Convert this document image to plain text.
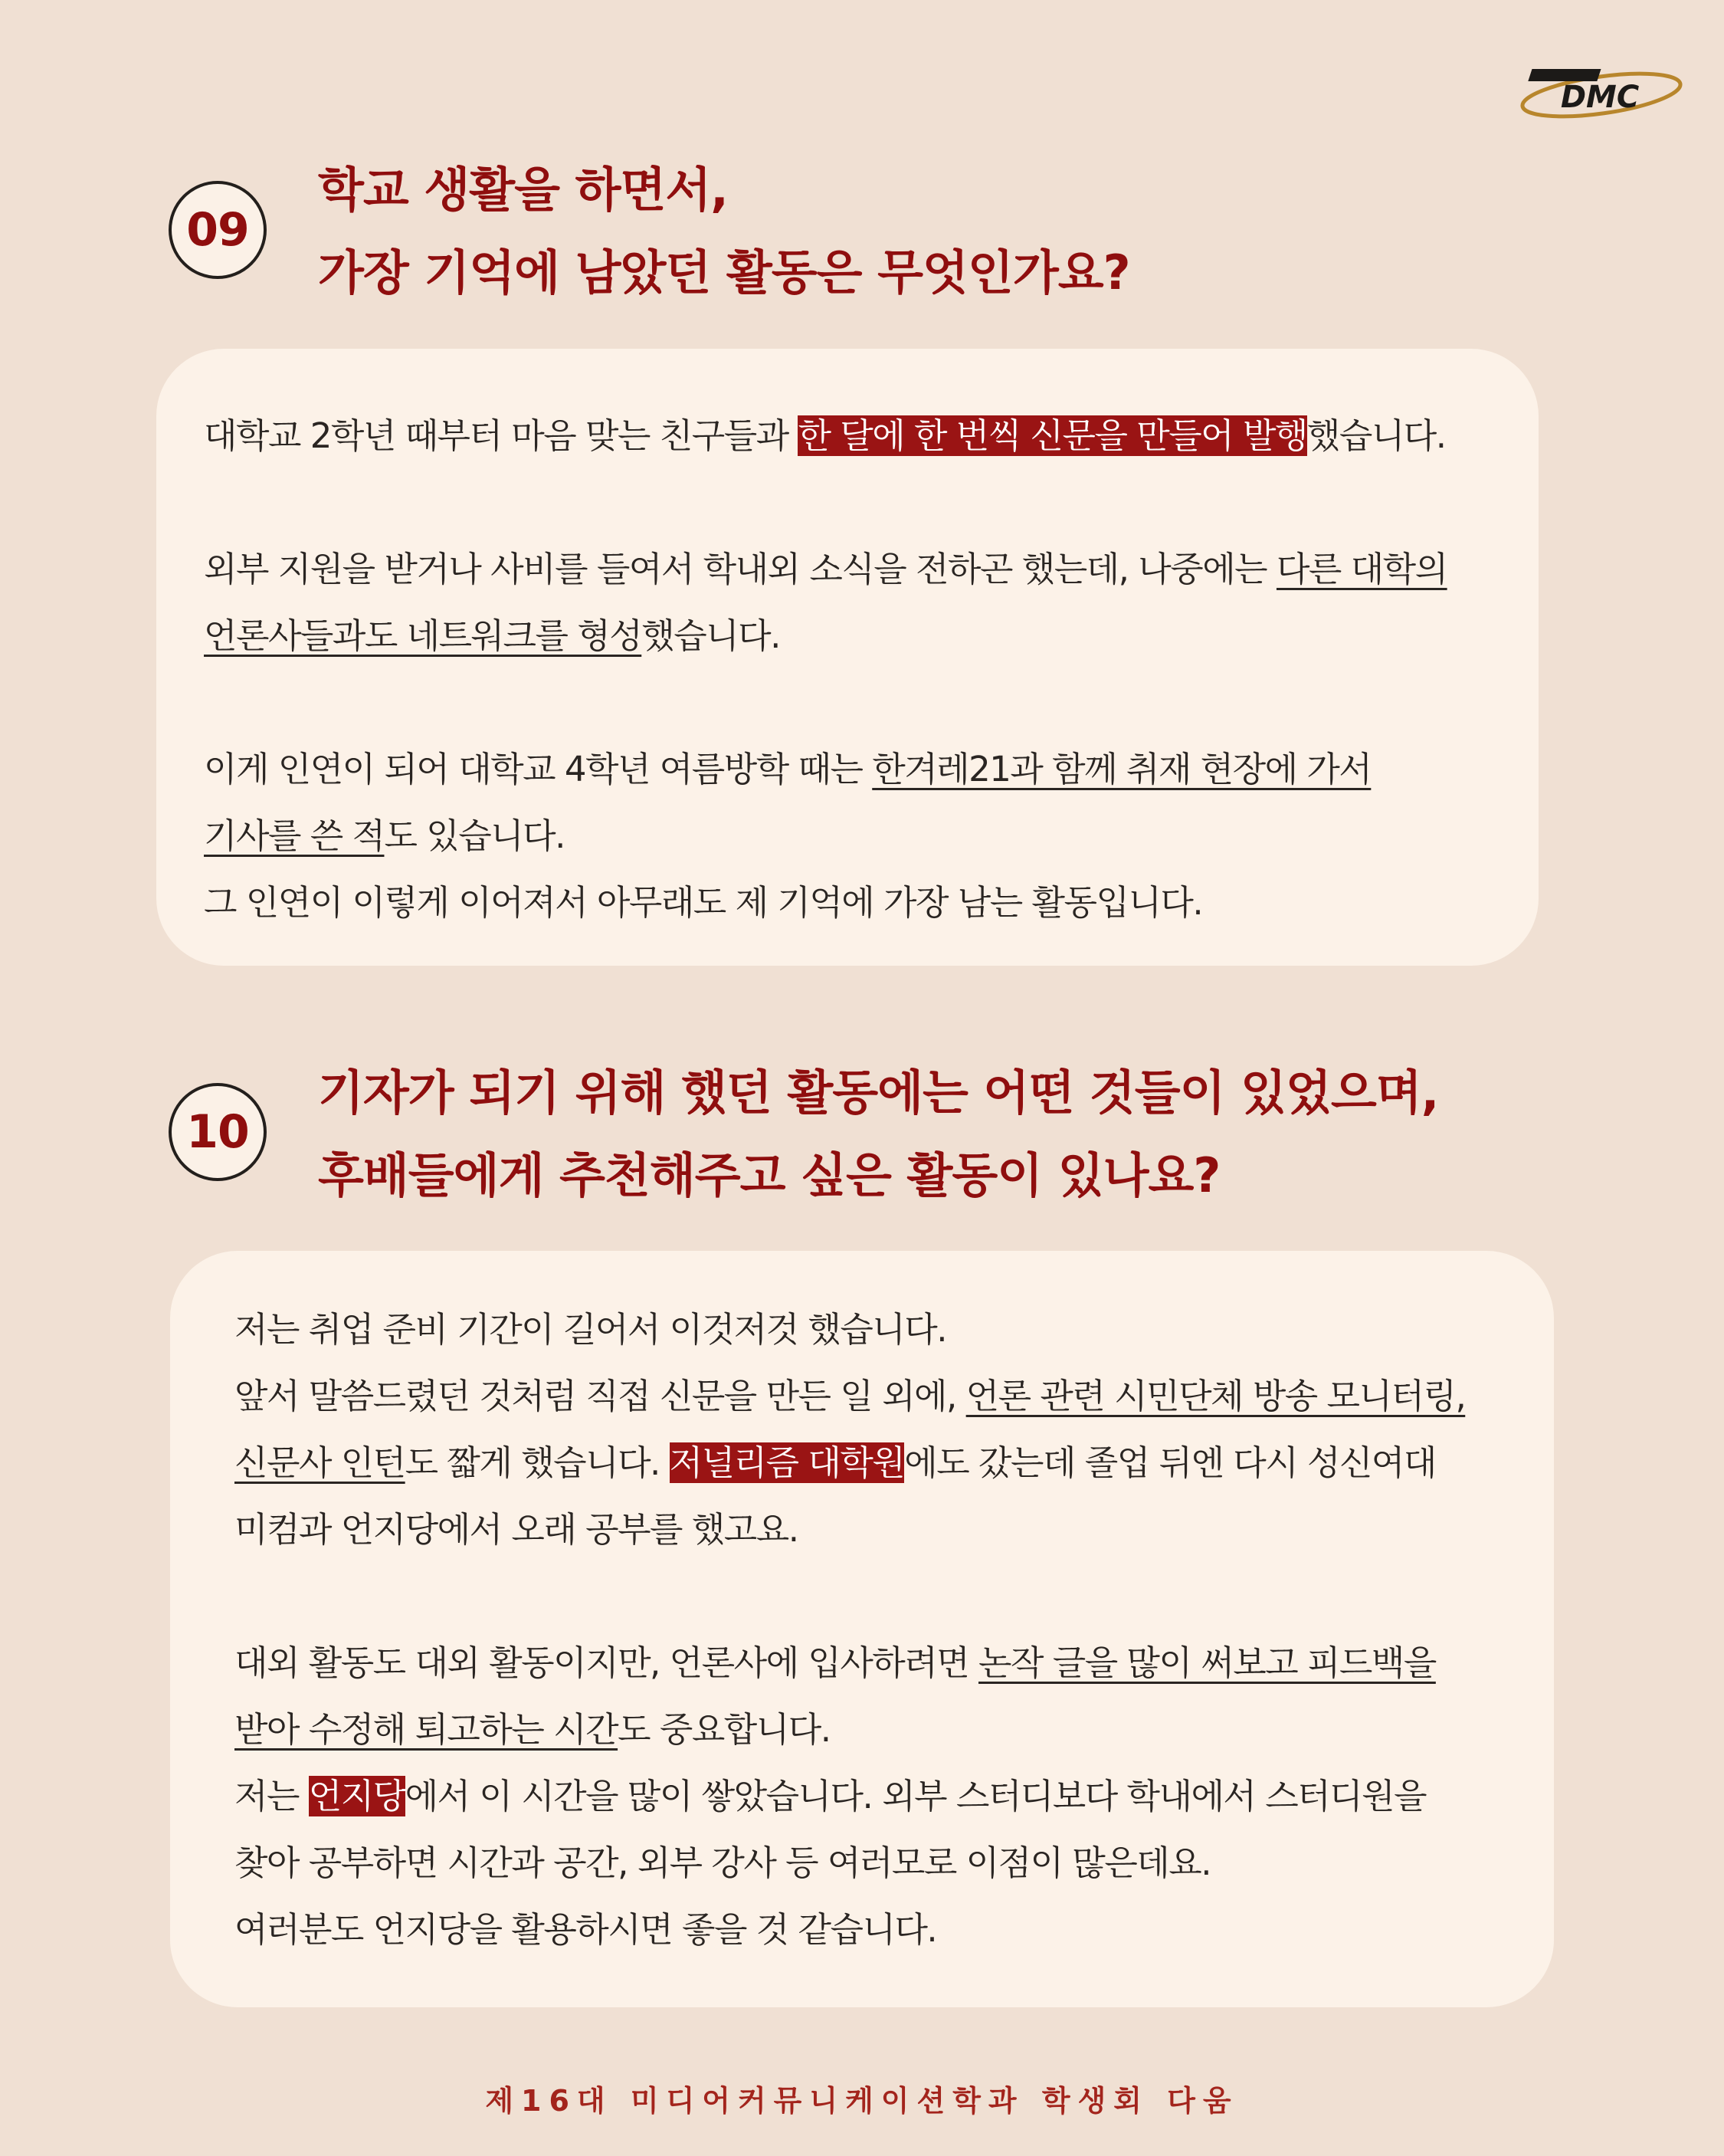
DMC
09
학교 생활을 하면서,
가장 기억에 남았던 활동은 무엇인가요?
대학교 2학년 때부터 마음 맞는 친구들과 한 달에 한 번씩 신문을 만들어 발행했습니다.
외부 지원을 받거나 사비를 들여서 학내외 소식을 전하곤 했는데, 나중에는 다른 대학의
언론사들과도 네트워크를 형성했습니다.
이게 인연이 되어 대학교 4학년 여름방학 때는 한겨레21과 함께 취재 현장에 가서
기사를 쓴 적도 있습니다.
그 인연이 이렇게 이어져서 아무래도 제 기억에 가장 남는 활동입니다.
10
기자가 되기 위해 했던 활동에는 어떤 것들이 있었으며,
후배들에게 추천해주고 싶은 활동이 있나요?
저는 취업 준비 기간이 길어서 이것저것 했습니다.
앞서 말씀드렸던 것처럼 직접 신문을 만든 일 외에, 언론 관련 시민단체 방송 모니터링,
신문사 인턴도 짧게 했습니다. 저널리즘 대학원에도 갔는데 졸업 뒤엔 다시 성신여대
미컴과 언지당에서 오래 공부를 했고요.
대외 활동도 대외 활동이지만, 언론사에 입사하려면 논작 글을 많이 써보고 피드백을
받아 수정해 퇴고하는 시간도 중요합니다.
저는 언지당에서 이 시간을 많이 쌓았습니다. 외부 스터디보다 학내에서 스터디원을
찾아 공부하면 시간과 공간, 외부 강사 등 여러모로 이점이 많은데요.
여러분도 언지당을 활용하시면 좋을 것 같습니다.
제16대 미디어커뮤니케이션학과 학생회 다움
